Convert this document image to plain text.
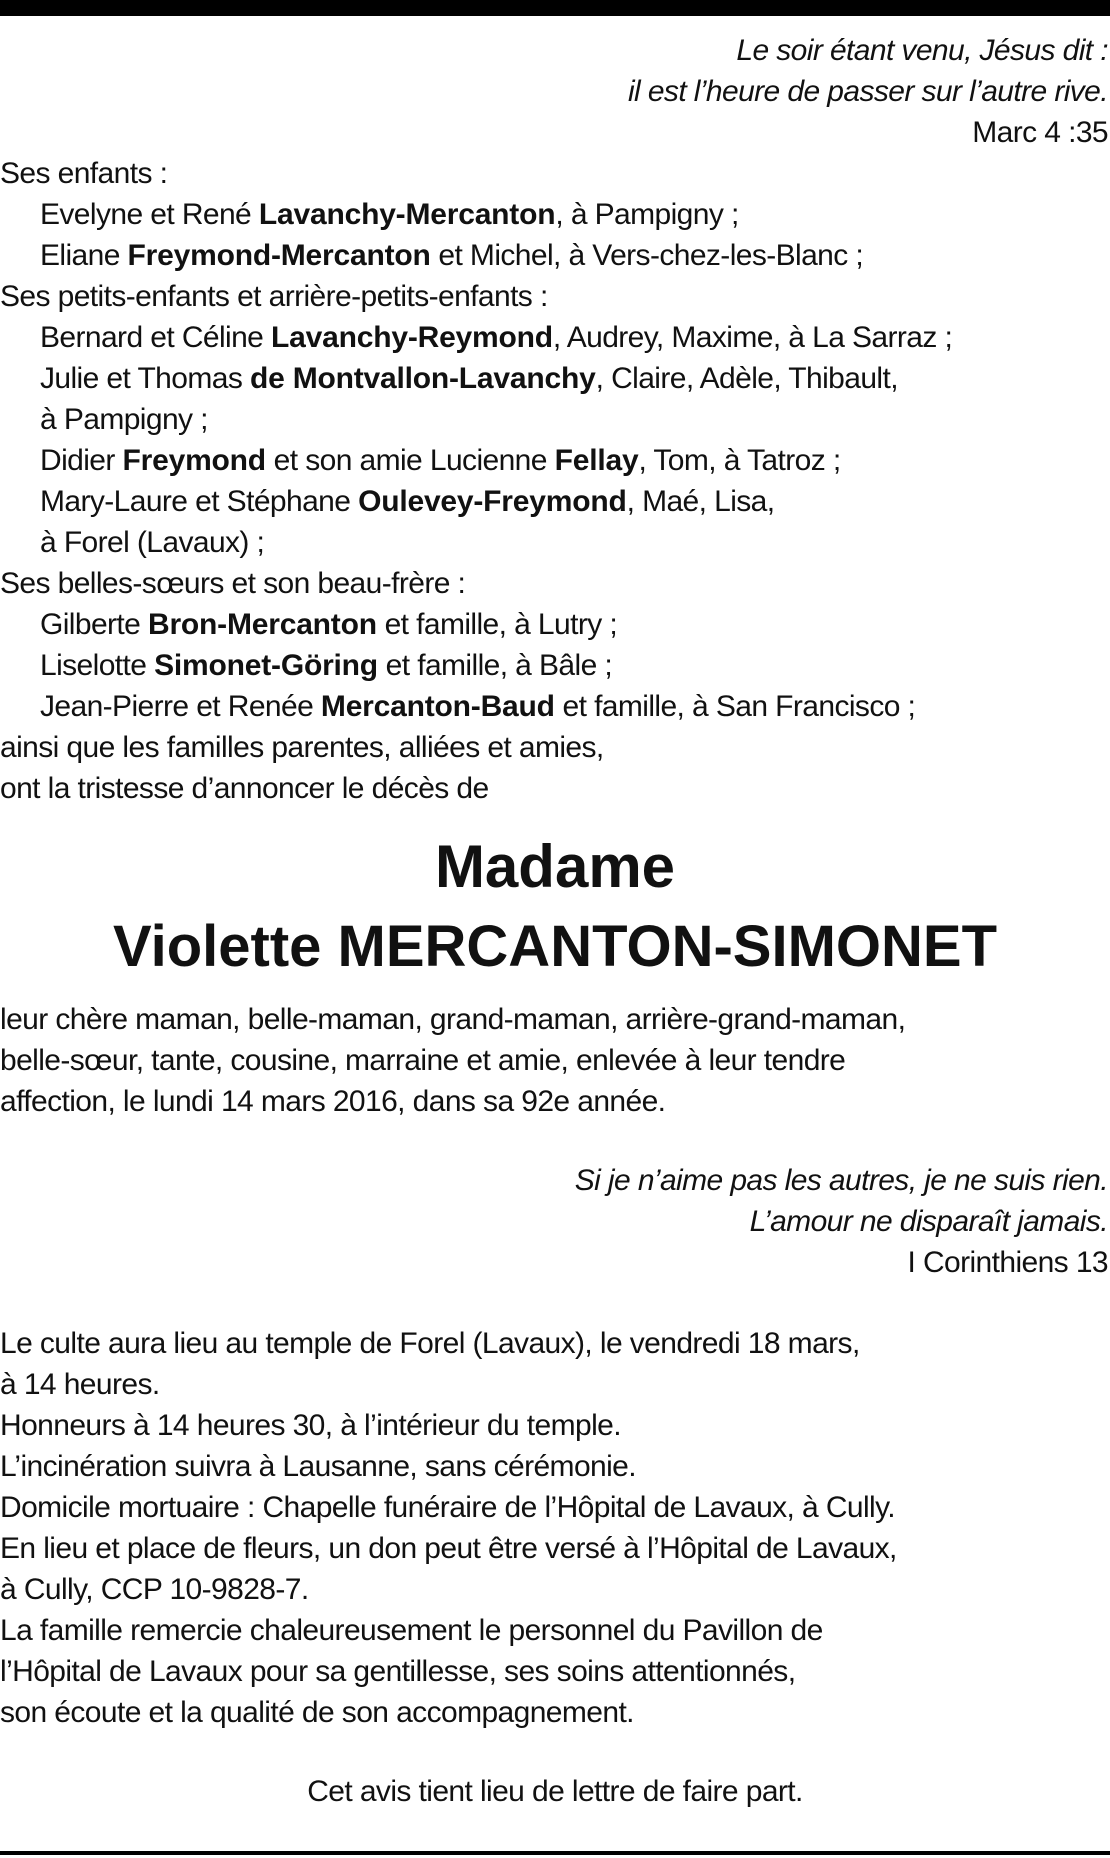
Le soir étant venu, Jésus dit :
il est l’heure de passer sur l’autre rive.
Marc 4 :35
Ses enfants :
Evelyne et René Lavanchy-Mercanton, à Pampigny ;
Eliane Freymond-Mercanton et Michel, à Vers-chez-les-Blanc ;
Ses petits-enfants et arrière-petits-enfants :
Bernard et Céline Lavanchy-Reymond, Audrey, Maxime, à La Sarraz ;
Julie et Thomas de Montvallon-Lavanchy, Claire, Adèle, Thibault,
à Pampigny ;
Didier Freymond et son amie Lucienne Fellay, Tom, à Tatroz ;
Mary-Laure et Stéphane Oulevey-Freymond, Maé, Lisa,
à Forel (Lavaux) ;
Ses belles-sœurs et son beau-frère :
Gilberte Bron-Mercanton et famille, à Lutry ;
Liselotte Simonet-Göring et famille, à Bâle ;
Jean-Pierre et Renée Mercanton-Baud et famille, à San Francisco ;
ainsi que les familles parentes, alliées et amies,
ont la tristesse d’annoncer le décès de
Madame
Violette MERCANTON-SIMONET
leur chère maman, belle-maman, grand-maman, arrière-grand-maman,
belle-sœur, tante, cousine, marraine et amie, enlevée à leur tendre
affection, le lundi 14 mars 2016, dans sa 92e année.
Si je n’aime pas les autres, je ne suis rien.
L’amour ne disparaît jamais.
I Corinthiens 13
Le culte aura lieu au temple de Forel (Lavaux), le vendredi 18 mars,
à 14 heures.
Honneurs à 14 heures 30, à l’intérieur du temple.
L’incinération suivra à Lausanne, sans cérémonie.
Domicile mortuaire : Chapelle funéraire de l’Hôpital de Lavaux, à Cully.
En lieu et place de fleurs, un don peut être versé à l’Hôpital de Lavaux,
à Cully, CCP 10-9828-7.
La famille remercie chaleureusement le personnel du Pavillon de
l’Hôpital de Lavaux pour sa gentillesse, ses soins attentionnés,
son écoute et la qualité de son accompagnement.
Cet avis tient lieu de lettre de faire part.
